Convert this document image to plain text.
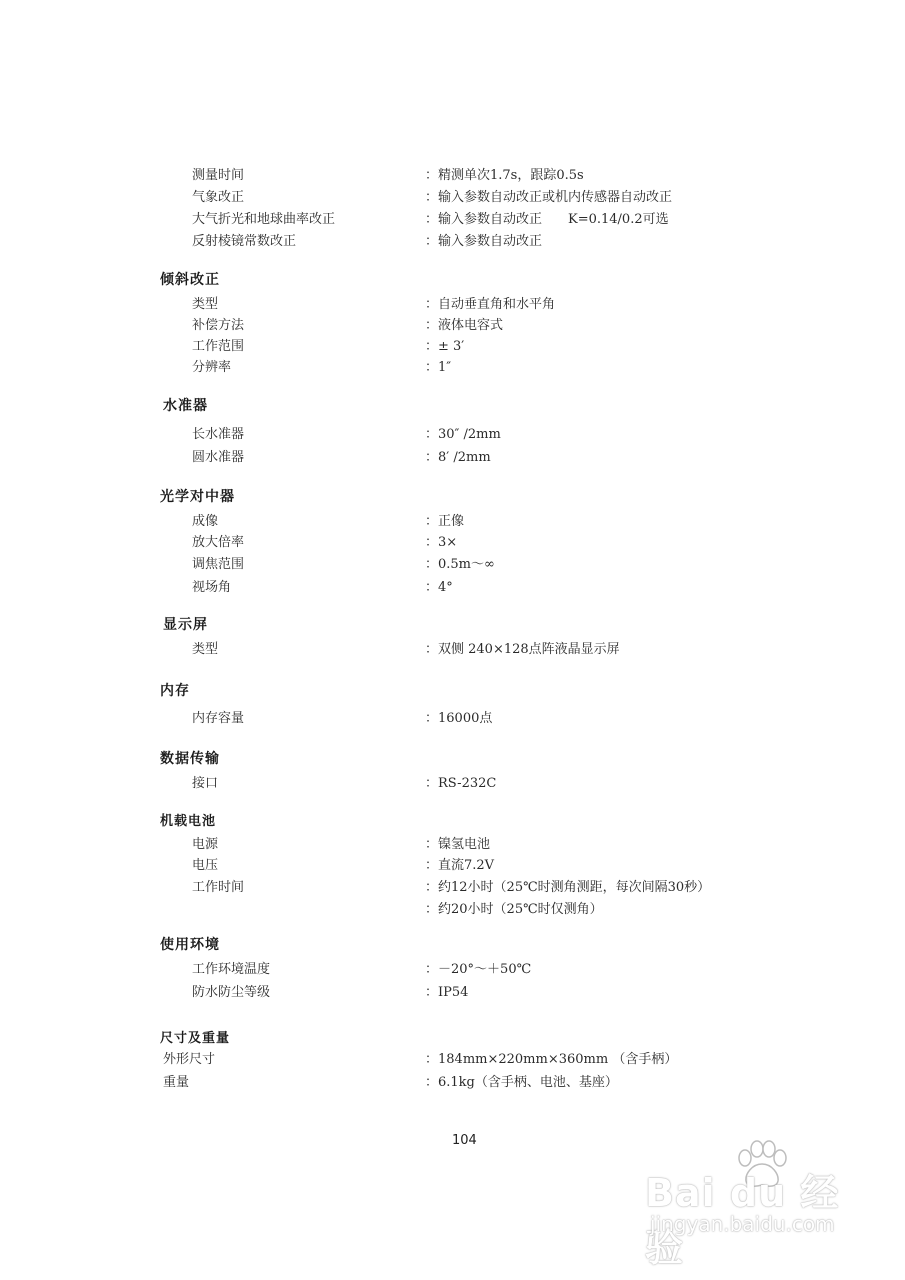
测量时间	：精测单次1.7s，跟踪0.5s
气象改正	：输入参数自动改正或机内传感器自动改正
大气折光和地球曲率改正	：输入参数自动改正　　K=0.14/0.2可选
反射棱镜常数改正	：输入参数自动改正
倾斜改正
类型	：自动垂直角和水平角
补偿方法	：液体电容式
工作范围	：± 3′
分辨率	：1″
水准器
长水准器	：30″ /2mm
圆水准器	：8′ /2mm
光学对中器
成像	：正像
放大倍率	：3×
调焦范围	：0.5m～∞
视场角	：4°
显示屏
类型	：双侧 240×128点阵液晶显示屏
内存
内存容量	：16000点
数据传输
接口	：RS-232C
机载电池
电源	：镍氢电池
电压	：直流7.2V
工作时间	：约12小时（25℃时测角测距，每次间隔30秒）
：约20小时（25℃时仅测角）
使用环境
工作环境温度	：－20°～＋50℃
防水防尘等级	：IP54
尺寸及重量
外形尺寸	：184mm×220mm×360mm （含手柄）
重量	：6.1kg（含手柄、电池、基座）
104
Bai du 经验
jingyan.baidu.com
